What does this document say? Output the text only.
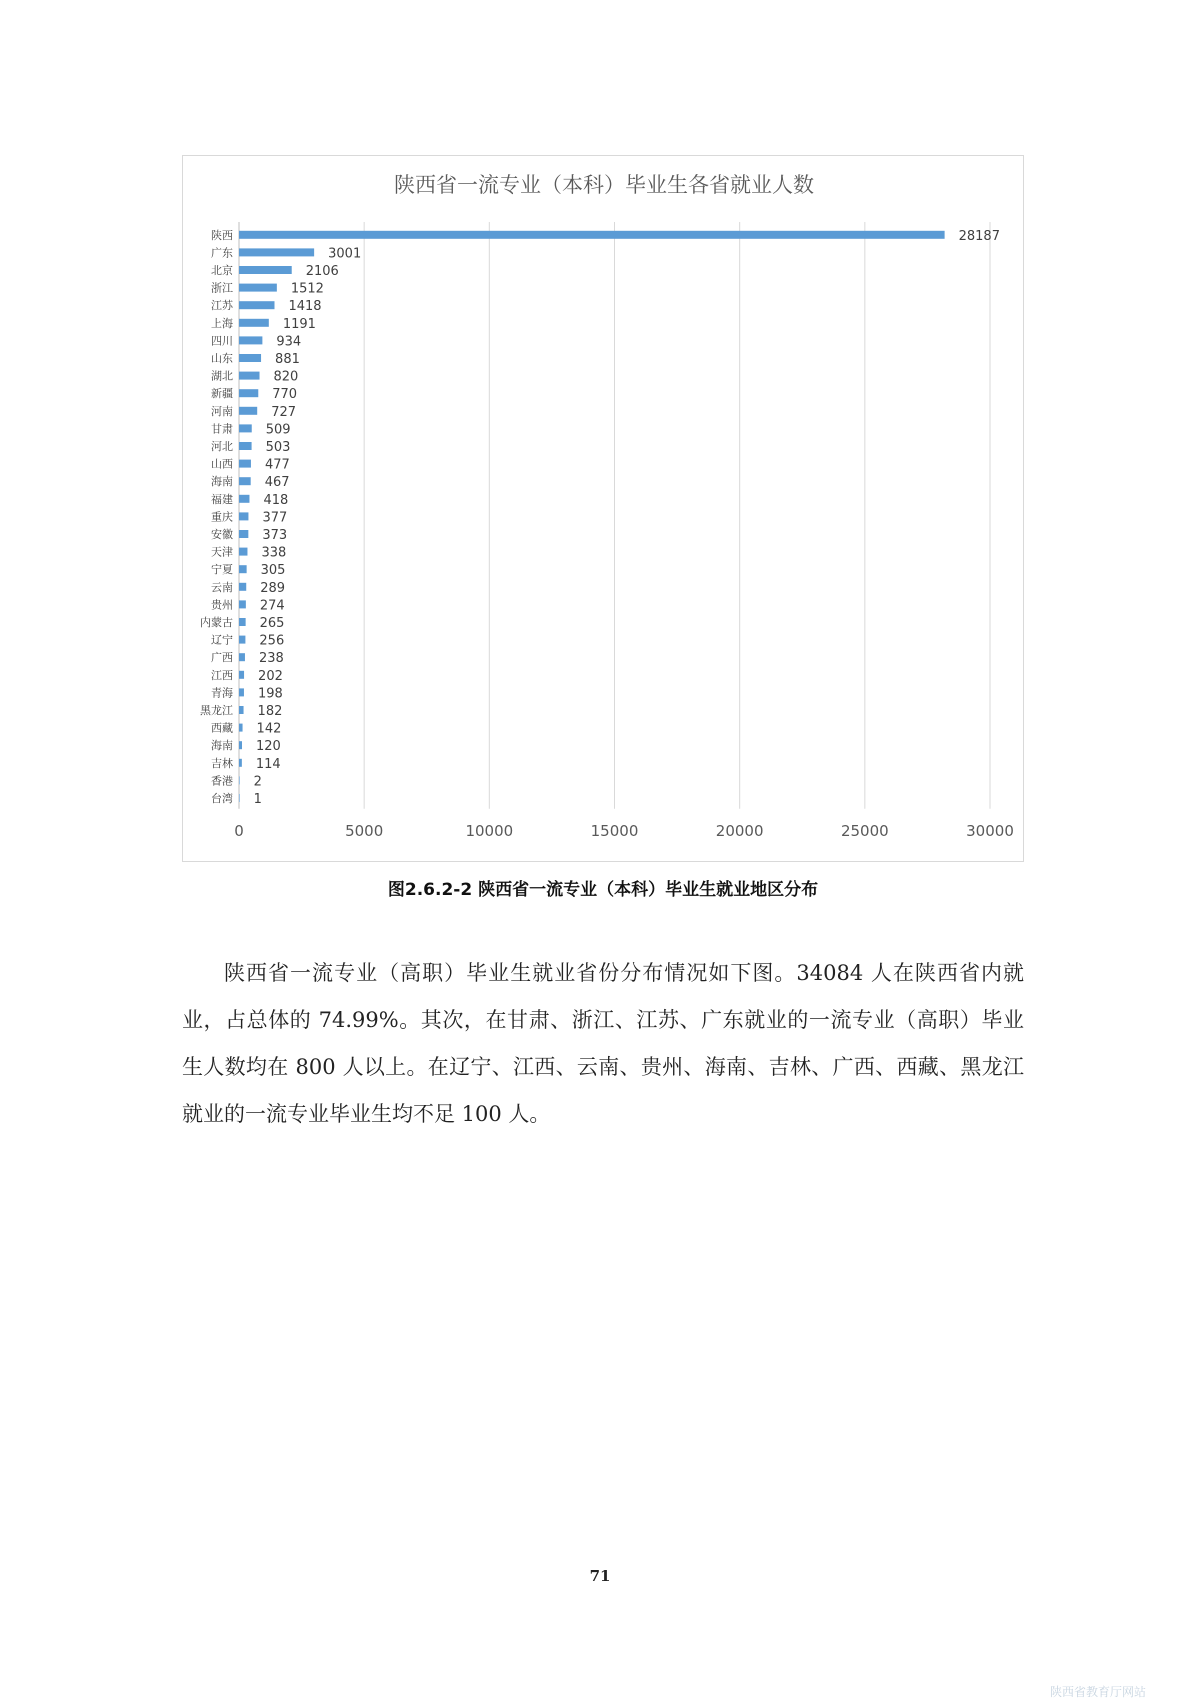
陕西省一流专业（本科）毕业生各省就业人数
陕西
广东
北京
浙江
江苏
上海
四川
山东
湖北
新疆
河南
甘肃
河北
山西
海南
福建
重庆
安徽
天津
宁夏
云南
贵州
内蒙古
辽宁
广西
江西
青海
黑龙江
西藏
海南
吉林
香港
台湾
28187
3001
2106
1512
1418
1191
934
881
820
770
727
509
503
477
467
418
377
373
338
305
289
274
265
256
238
202
198
182
142
120
114
2
1
0	5000	10000	15000	20000	25000	30000
图2.6.2-2 陕西省一流专业（本科）毕业生就业地区分布
陕西省一流专业（高职）毕业生就业省份分布情况如下图。34084 人在陕西省内就业，占总体的 74.99%。其次，在甘肃、浙江、江苏、广东就业的一流专业（高职）毕业生人数均在 800 人以上。在辽宁、江西、云南、贵州、海南、吉林、广西、西藏、黑龙江就业的一流专业毕业生均不足 100 人。
71
陕西省教育厅网站
